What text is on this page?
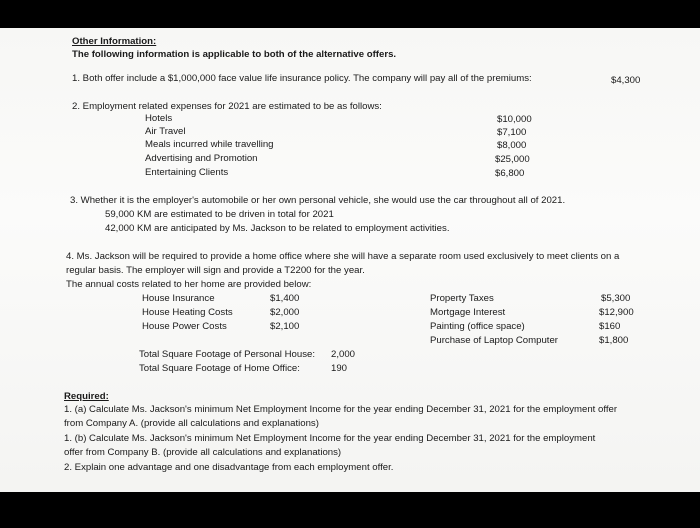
Other Information:
The following information is applicable to both of the alternative offers.
1. Both offer include a $1,000,000 face value life insurance policy. The company will pay all of the premiums:	$4,300
2. Employment related expenses for 2021 are estimated to be as follows:
Hotels
Air Travel
Meals incurred while travelling
Advertising and Promotion
Entertaining Clients
$10,000
$7,100
$8,000
$25,000
$6,800
3. Whether it is the employer's automobile or her own personal vehicle, she would use the car throughout all of 2021.
59,000 KM are estimated to be driven in total for 2021
42,000 KM are anticipated by Ms. Jackson to be related to employment activities.
4. Ms. Jackson will be required to provide a home office where she will have a separate room used exclusively to meet clients on a
regular basis. The employer will sign and provide a T2200 for the year.
The annual costs related to her home are provided below:
House Insurance
House Heating Costs
House Power Costs
$1,400
$2,000
$2,100
Property Taxes
Mortgage Interest
Painting (office space)
Purchase of Laptop Computer
$5,300
$12,900
$160
$1,800
Total Square Footage of Personal House: 2,000
Total Square Footage of Home Office:	190
Required:
1. (a) Calculate Ms. Jackson's minimum Net Employment Income for the year ending December 31, 2021 for the employment offer
from Company A. (provide all calculations and explanations)
1. (b) Calculate Ms. Jackson's minimum Net Employment Income for the year ending December 31, 2021 for the employment
offer from Company B. (provide all calculations and explanations)
2. Explain one advantage and one disadvantage from each employment offer.
